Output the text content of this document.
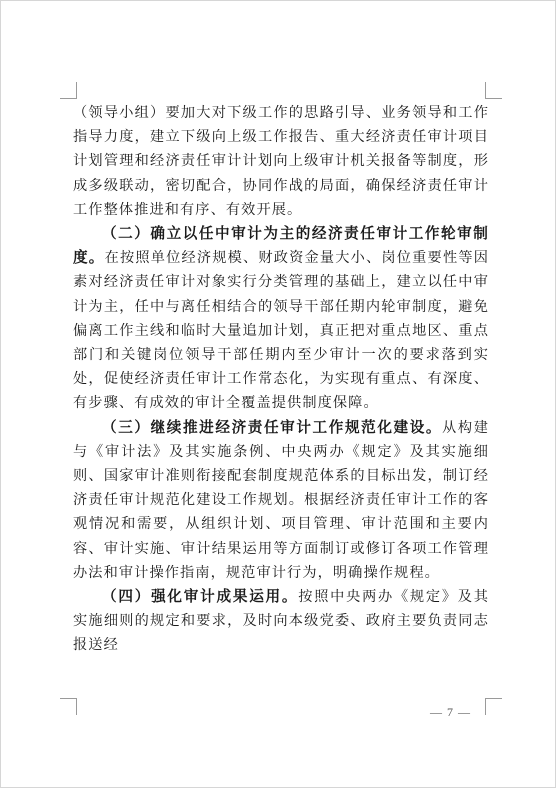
（领导小组）要加大对下级工作的思路引导、业务领导和工作指导力度，建立下级向上级工作报告、重大经济责任审计项目计划管理和经济责任审计计划向上级审计机关报备等制度，形成多级联动，密切配合，协同作战的局面，确保经济责任审计工作整体推进和有序、有效开展。

（二）确立以任中审计为主的经济责任审计工作轮审制度。在按照单位经济规模、财政资金量大小、岗位重要性等因素对经济责任审计对象实行分类管理的基础上，建立以任中审计为主，任中与离任相结合的领导干部任期内轮审制度，避免偏离工作主线和临时大量追加计划，真正把对重点地区、重点部门和关键岗位领导干部任期内至少审计一次的要求落到实处，促使经济责任审计工作常态化，为实现有重点、有深度、有步骤、有成效的审计全覆盖提供制度保障。

（三）继续推进经济责任审计工作规范化建设。从构建与《审计法》及其实施条例、中央两办《规定》及其实施细则、国家审计准则衔接配套制度规范体系的目标出发，制订经济责任审计规范化建设工作规划。根据经济责任审计工作的客观情况和需要，从组织计划、项目管理、审计范围和主要内容、审计实施、审计结果运用等方面制订或修订各项工作管理办法和审计操作指南，规范审计行为，明确操作规程。

（四）强化审计成果运用。按照中央两办《规定》及其实施细则的规定和要求，及时向本级党委、政府主要负责同志报送经

— 7 —
